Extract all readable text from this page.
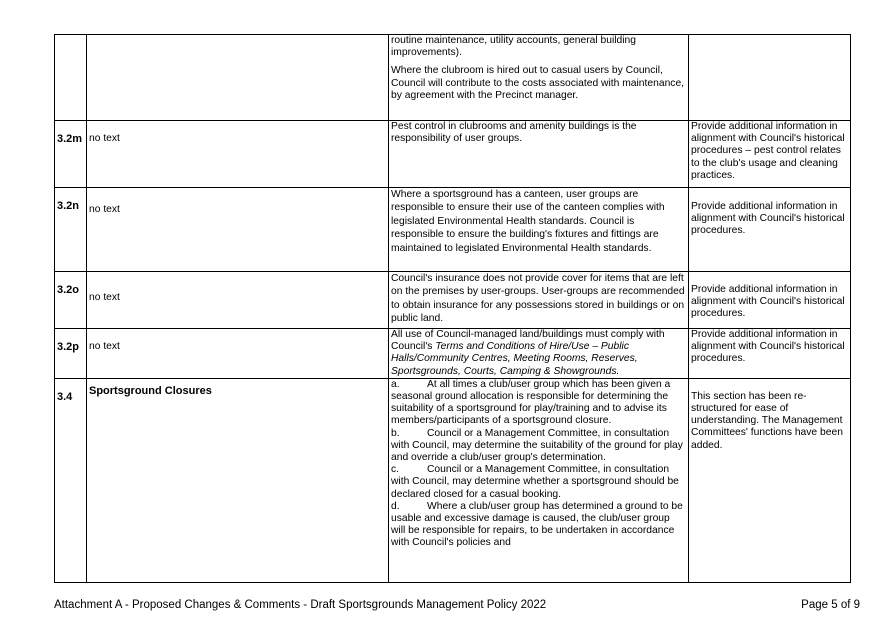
		routine maintenance, utility accounts, general building improvements).

Where the clubroom is hired out to casual users by Council, Council will contribute to the costs associated with maintenance, by agreement with the Precinct manager.	

3.2m	no text	Pest control in clubrooms and amenity buildings is the responsibility of user groups.	Provide additional information in alignment with Council's historical procedures – pest control relates to the club's usage and cleaning practices.
3.2n	no text	Where a sportsground has a canteen, user groups are responsible to ensure their use of the canteen complies with legislated Environmental Health standards. Council is responsible to ensure the building's fixtures and fittings are maintained to legislated Environmental Health standards.	Provide additional information in alignment with Council's historical procedures.
3.2o	no text	Council's insurance does not provide cover for items that are left on the premises by user-groups. User-groups are recommended to obtain insurance for any possessions stored in buildings or on public land.	Provide additional information in alignment with Council's historical procedures.
3.2p	no text	All use of Council-managed land/buildings must comply with Council's Terms and Conditions of Hire/Use – Public Halls/Community Centres, Meeting Rooms, Reserves, Sportsgrounds, Courts, Camping & Showgrounds.	Provide additional information in alignment with Council's historical procedures.
3.4	Sportsground Closures	a. At all times a club/user group which has been given a seasonal ground allocation is responsible for determining the suitability of a sportsground for play/training and to advise its members/participants of a sportsground closure.

b. Council or a Management Committee, in consultation with Council, may determine the suitability of the ground for play and override a club/user group's determination.

c. Council or a Management Committee, in consultation with Council, may determine whether a sportsground should be declared closed for a casual booking.

d. Where a club/user group has determined a ground to be usable and excessive damage is caused, the club/user group will be responsible for repairs, to be undertaken in accordance with Council's policies and	This section has been re-structured for ease of understanding. The Management Committees' functions have been added.
Attachment A - Proposed Changes & Comments - Draft Sportsgrounds Management Policy 2022	Page 5 of 9
